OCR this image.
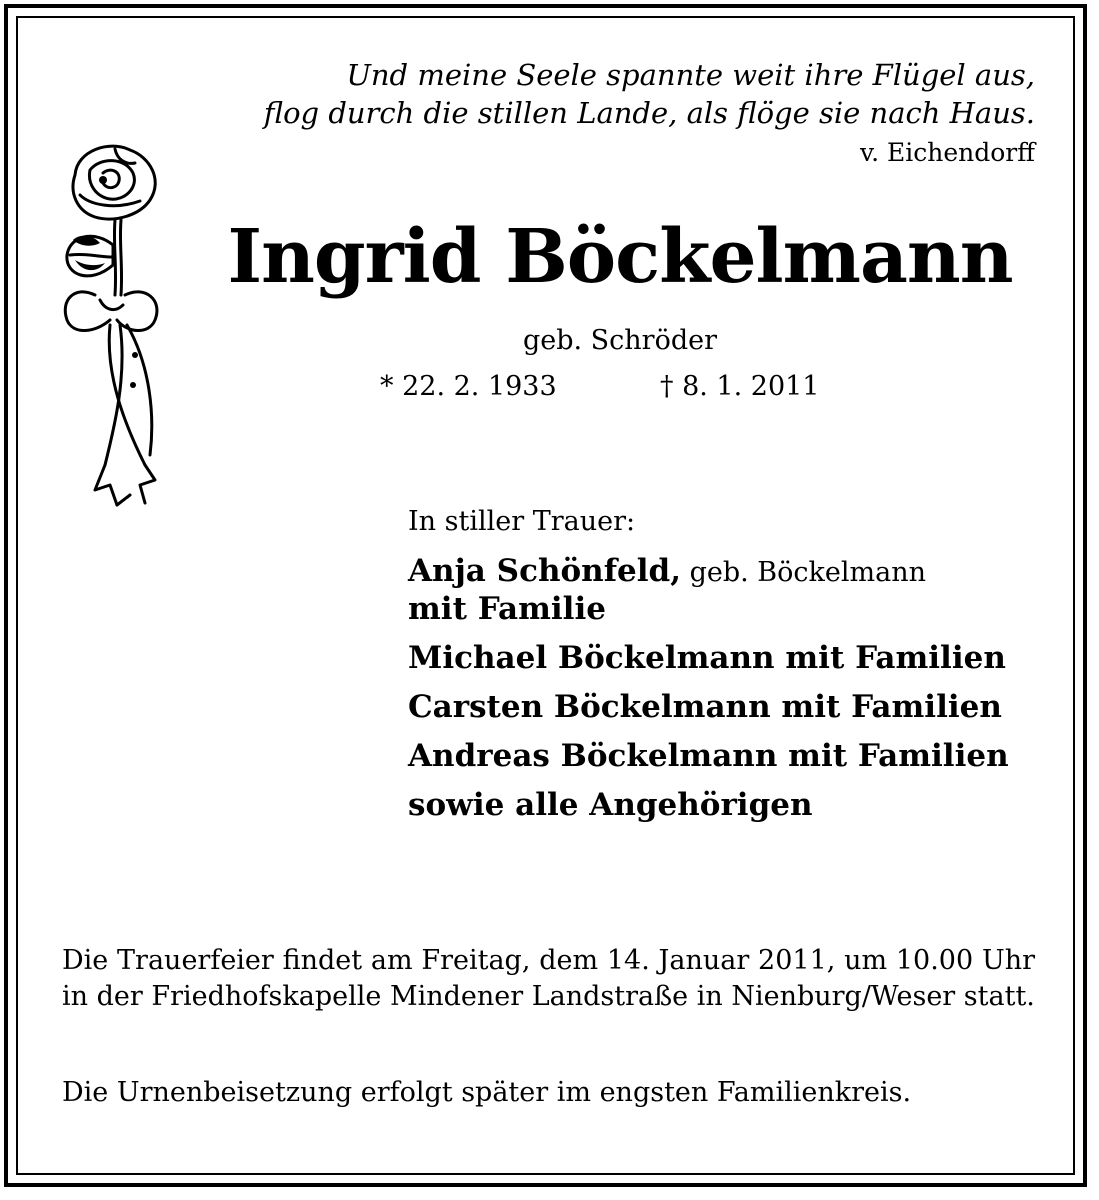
Und meine Seele spannte weit ihre Flügel aus,
flog durch die stillen Lande, als flöge sie nach Haus.
v. Eichendorff
Ingrid Böckelmann
geb. Schröder
* 22. 2. 1933	† 8. 1. 2011
In stiller Trauer:
Anja Schönfeld, geb. Böckelmann
mit Familie
Michael Böckelmann mit Familien
Carsten Böckelmann mit Familien
Andreas Böckelmann mit Familien
sowie alle Angehörigen
Die Trauerfeier findet am Freitag, dem 14. Januar 2011, um 10.00 Uhr in der Friedhofskapelle Mindener Landstraße in Nienburg/Weser statt.
Die Urnenbeisetzung erfolgt später im engsten Familienkreis.
